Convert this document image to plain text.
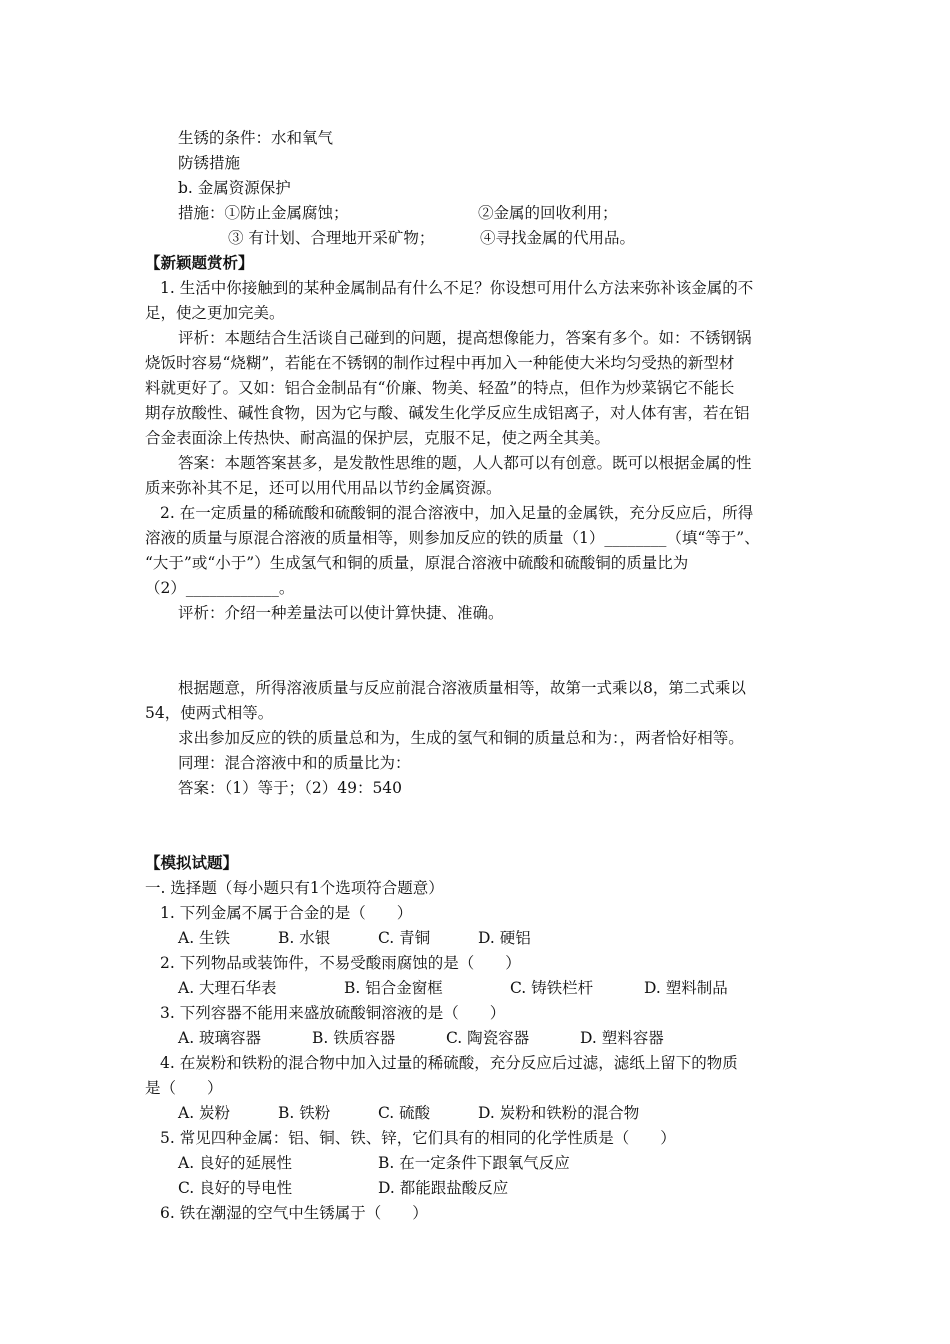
生锈的条件：水和氧气
防锈措施
b. 金属资源保护
措施：①防止金属腐蚀；	②金属的回收利用；
③ 有计划、合理地开采矿物；	④寻找金属的代用品。
【新颖题赏析】
1. 生活中你接触到的某种金属制品有什么不足？你设想可用什么方法来弥补该金属的不
足，使之更加完美。
评析：本题结合生活谈自己碰到的问题，提高想像能力，答案有多个。如：不锈钢锅
烧饭时容易“烧糊”，若能在不锈钢的制作过程中再加入一种能使大米均匀受热的新型材
料就更好了。又如：铝合金制品有“价廉、物美、轻盈”的特点，但作为炒菜锅它不能长
期存放酸性、碱性食物，因为它与酸、碱发生化学反应生成铝离子，对人体有害，若在铝
合金表面涂上传热快、耐高温的保护层，克服不足，使之两全其美。
答案：本题答案甚多，是发散性思维的题，人人都可以有创意。既可以根据金属的性
质来弥补其不足，还可以用代用品以节约金属资源。
2. 在一定质量的稀硫酸和硫酸铜的混合溶液中，加入足量的金属铁，充分反应后，所得
溶液的质量与原混合溶液的质量相等，则参加反应的铁的质量（1）________（填“等于”、
“大于”或“小于”）生成氢气和铜的质量，原混合溶液中硫酸和硫酸铜的质量比为
（2）____________。
评析：介绍一种差量法可以使计算快捷、准确。
根据题意，所得溶液质量与反应前混合溶液质量相等，故第一式乘以8，第二式乘以
54，使两式相等。
求出参加反应的铁的质量总和为，生成的氢气和铜的质量总和为：，两者恰好相等。
同理：混合溶液中和的质量比为：
答案：（1）等于；（2）49：540
【模拟试题】
一. 选择题（每小题只有1个选项符合题意）
1. 下列金属不属于合金的是（　　）
A. 生铁	B. 水银	C. 青铜	D. 硬铝
2. 下列物品或装饰件，不易受酸雨腐蚀的是（　　）
A. 大理石华表	B. 铝合金窗框	C. 铸铁栏杆	D. 塑料制品
3. 下列容器不能用来盛放硫酸铜溶液的是（　　）
A. 玻璃容器	B. 铁质容器	C. 陶瓷容器	D. 塑料容器
4. 在炭粉和铁粉的混合物中加入过量的稀硫酸，充分反应后过滤，滤纸上留下的物质
是（　　）
A. 炭粉	B. 铁粉	C. 硫酸	D. 炭粉和铁粉的混合物
5. 常见四种金属：铝、铜、铁、锌，它们具有的相同的化学性质是（　　）
A. 良好的延展性	B. 在一定条件下跟氧气反应
C. 良好的导电性	D. 都能跟盐酸反应
6. 铁在潮湿的空气中生锈属于（　　）
